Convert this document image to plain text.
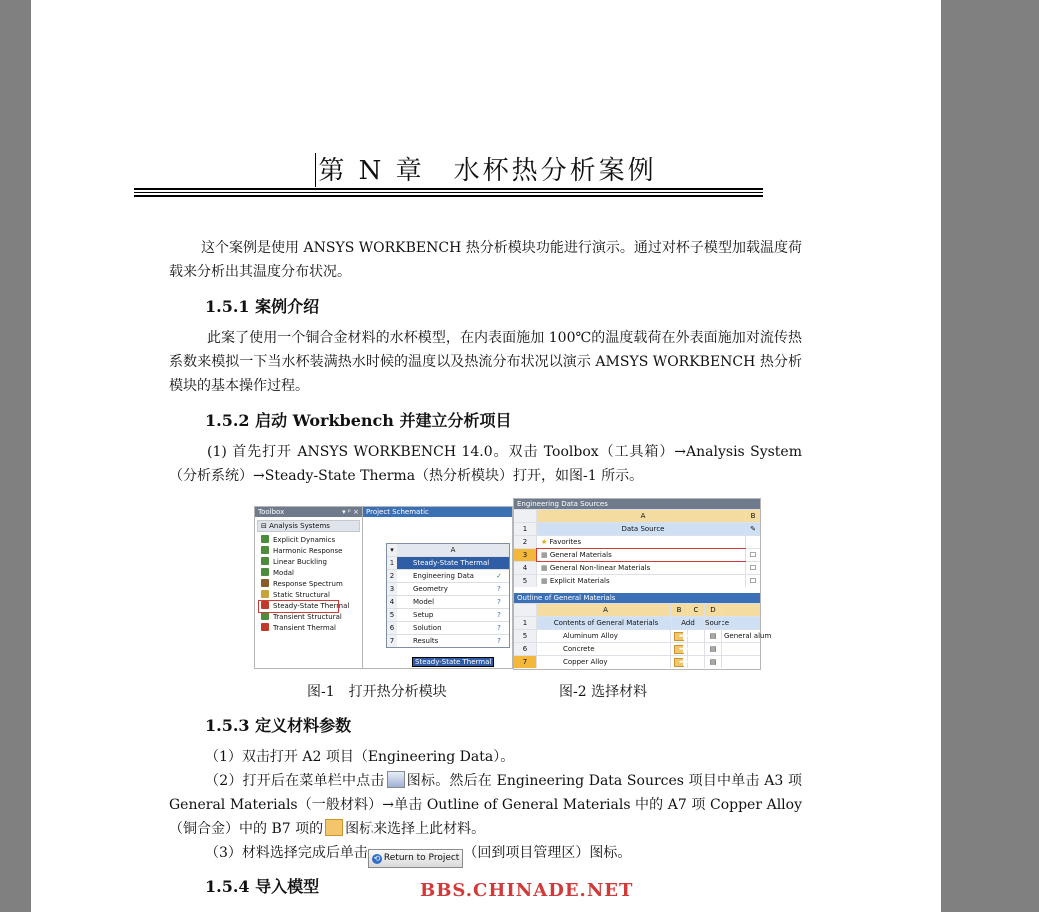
第 N 章　水杯热分析案例
这个案例是使用 ANSYS WORKBENCH 热分析模块功能进行演示。通过对杯子模型加载温度荷载来分析出其温度分布状况。
1.5.1 案例介绍
此案了使用一个铜合金材料的水杯模型，在内表面施加 100℃的温度载荷在外表面施加对流传热系数来模拟一下当水杯装满热水时候的温度以及热流分布状况以演示 AMSYS WORKBENCH 热分析模块的基本操作过程。
1.5.2 启动 Workbench 并建立分析项目
(1) 首先打开 ANSYS WORKBENCH 14.0。双击 Toolbox（工具箱）→Analysis System（分析系统）→Steady-State Therma（热分析模块）打开，如图-1 所示。
Toolbox	▾ ᵖ ×
⊟ Analysis Systems
Explicit Dynamics
Harmonic Response
Linear Buckling
Modal
Response Spectrum
Static Structural
Steady-State Thermal
Transient Structural
Transient Thermal
Project Schematic
▾	A
1	Steady-State Thermal
2	Engineering Data	✓
3	Geometry	?
4	Model	?
5	Setup	?
6	Solution	?
7	Results	?
Steady-State Thermal
Engineering Data Sources
A	B
1	Data Source	✎
2	★ Favorites
3	▦ General Materials	☐
4	▦ General Non-linear Materials	☐
5	▦ Explicit Materials	☐
Outline of General Materials
A	B	C	D
1	Contents of General Materials	Add	Source
5	Aluminum Alloy +	▤	General alum
6	Concrete +	▤
7	Copper Alloy +	▤
图-1　打开热分析模块	图-2 选择材料
1.5.3 定义材料参数
（1）双击打开 A2 项目（Engineering Data）。
（2）打开后在菜单栏中点击 图标。然后在 Engineering Data Sources 项目中单击 A3 项 General Materials（一般材料）→单击 Outline of General Materials 中的 A7 项 Copper Alloy（铜合金）中的 B7 项的 + 图标来选择上此材料。
（3）材料选择完成后单击 ⟲ Return to Project （回到项目管理区）图标。
1.5.4 导入模型	BBS.CHINADE.NET
